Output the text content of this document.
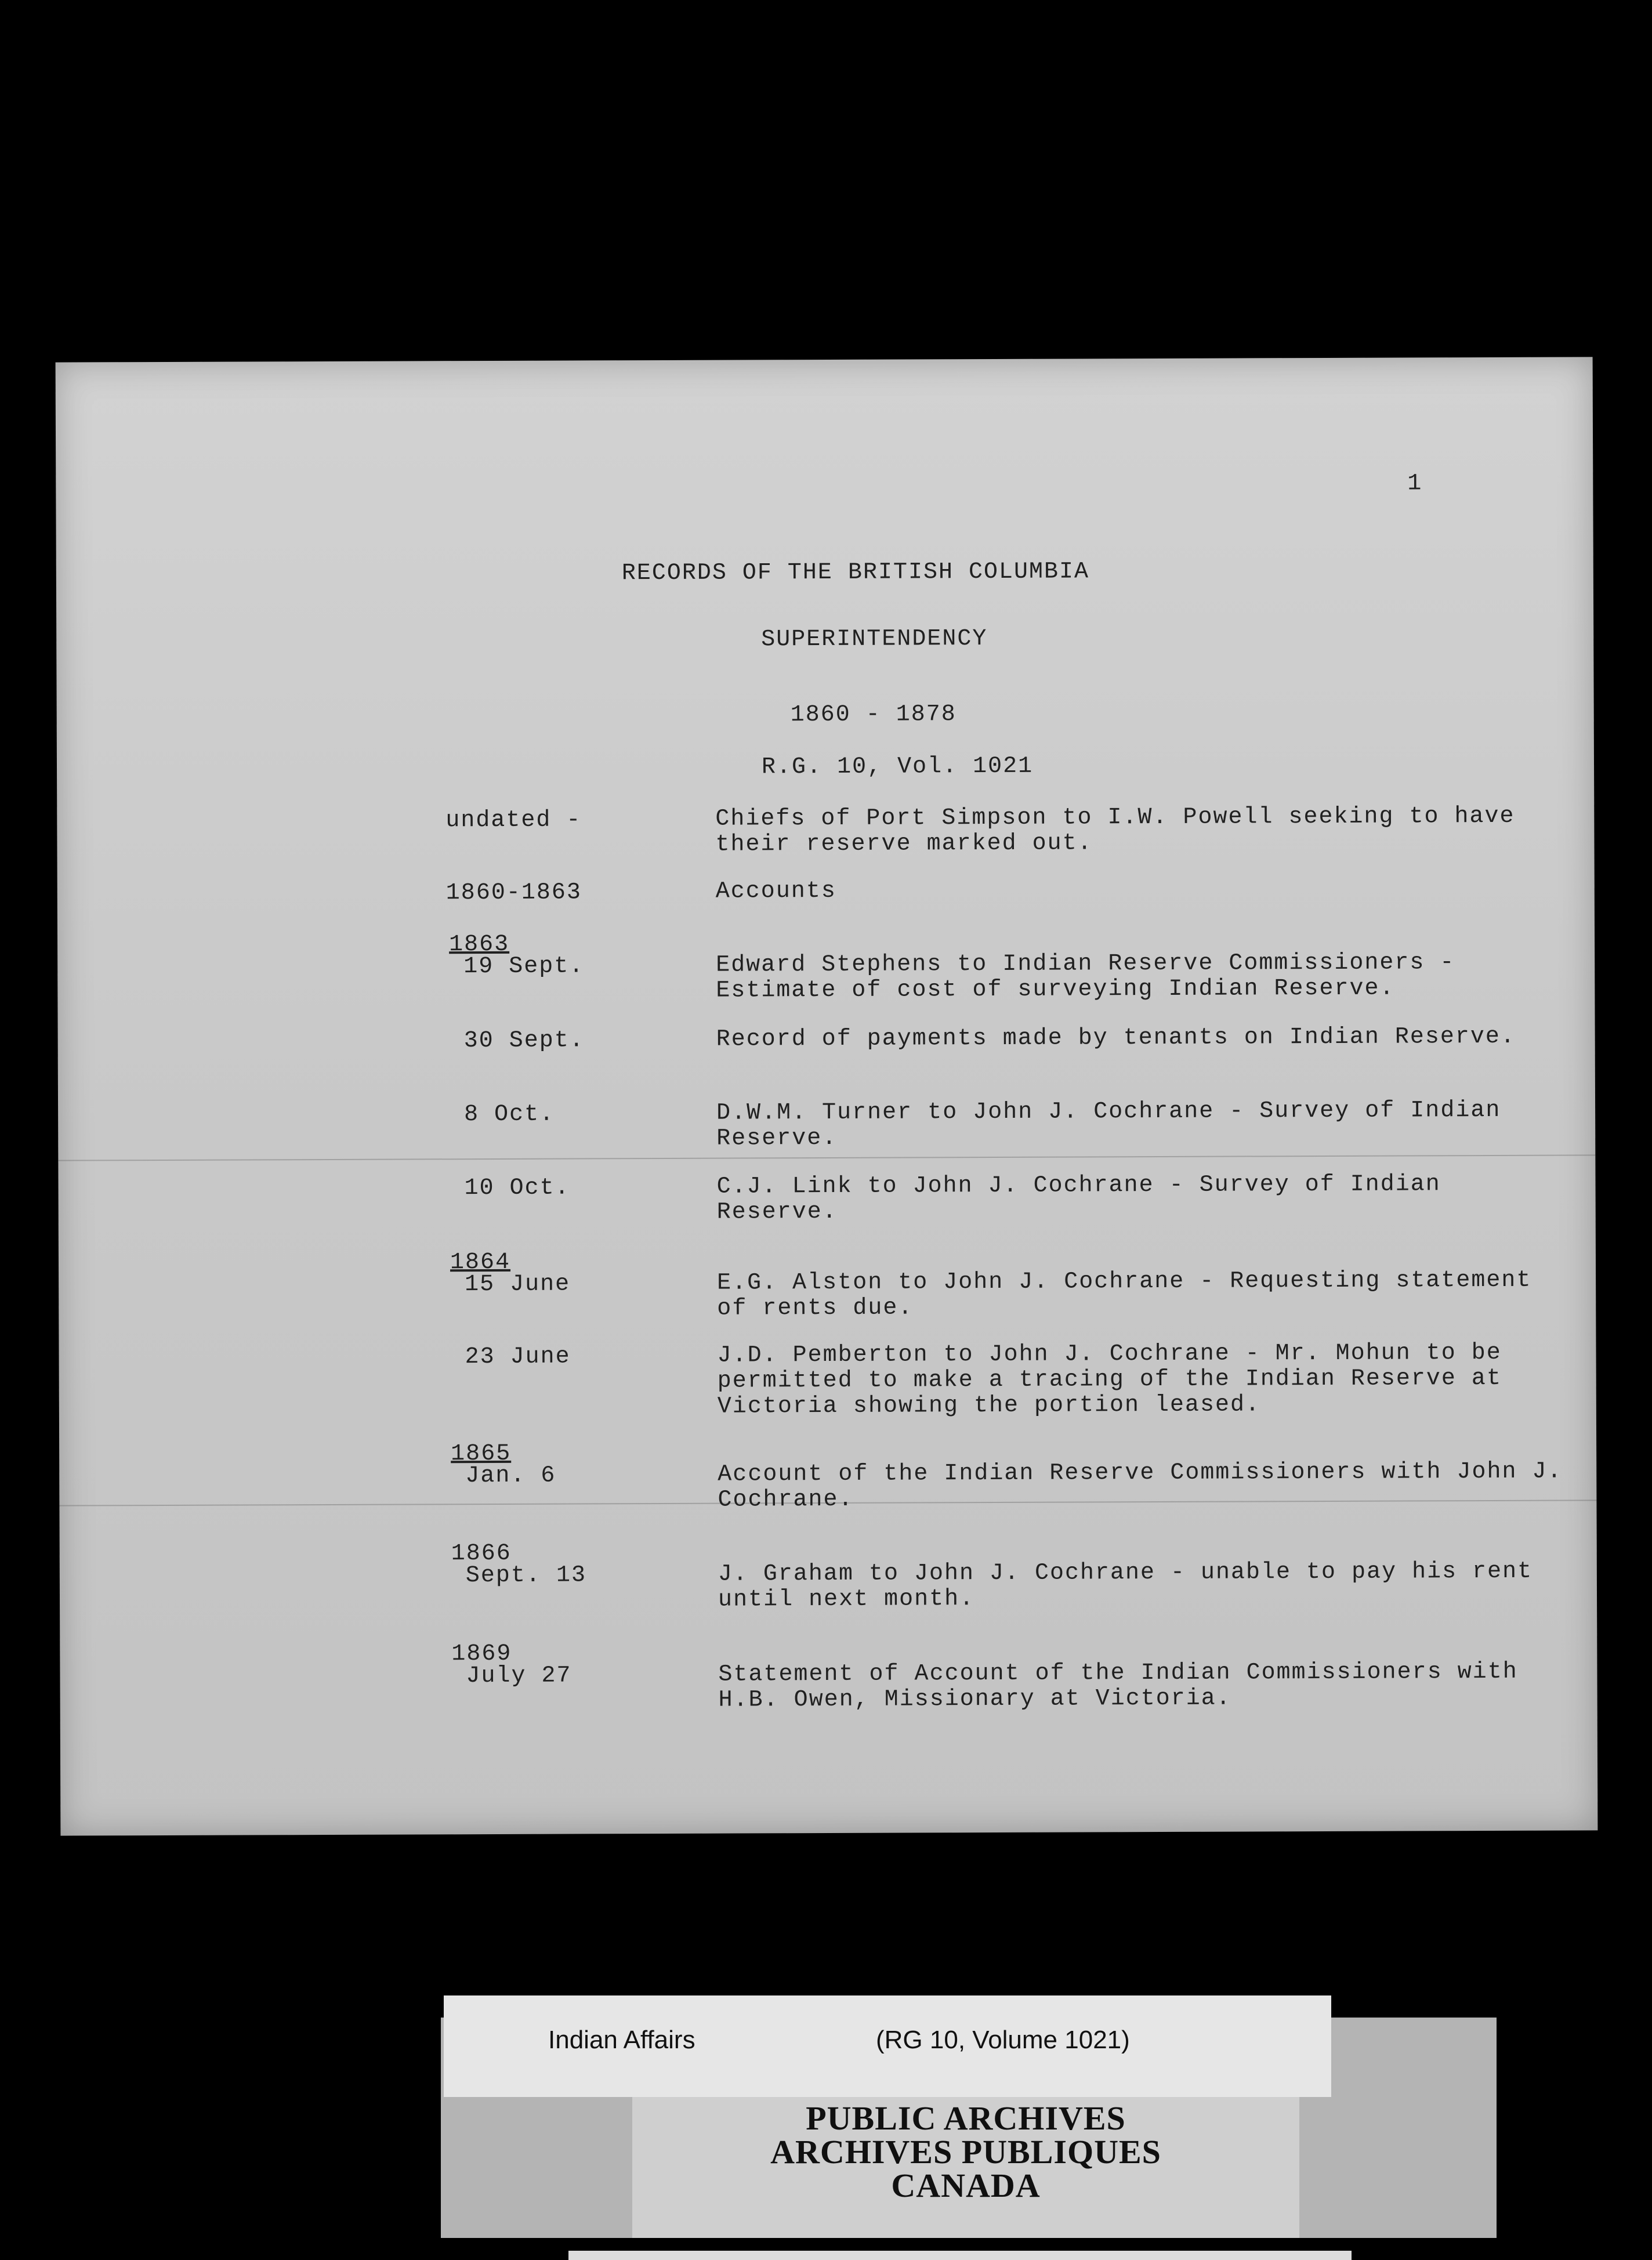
1
RECORDS OF THE BRITISH COLUMBIA
SUPERINTENDENCY
1860 - 1878
R.G. 10, Vol. 1021
undated -	Chiefs of Port Simpson to I.W. Powell seeking to have their reserve marked out.
1860-1863	Accounts
1863
19 Sept.	Edward Stephens to Indian Reserve Commissioners - Estimate of cost of surveying Indian Reserve.
30 Sept.	Record of payments made by tenants on Indian Reserve.
8 Oct.	D.W.M. Turner to John J. Cochrane - Survey of Indian Reserve.
10 Oct.	C.J. Link to John J. Cochrane - Survey of Indian Reserve.
1864
15 June	E.G. Alston to John J. Cochrane - Requesting statement of rents due.
23 June	J.D. Pemberton to John J. Cochrane - Mr. Mohun to be permitted to make a tracing of the Indian Reserve at Victoria showing the portion leased.
1865
Jan. 6	Account of the Indian Reserve Commissioners with John J. Cochrane.
1866
Sept. 13	J. Graham to John J. Cochrane - unable to pay his rent until next month.
1869
July 27	Statement of Account of the Indian Commissioners with H.B. Owen, Missionary at Victoria.
PUBLIC ARCHIVES
ARCHIVES PUBLIQUES
CANADA
Indian Affairs	(RG 10, Volume 1021)
